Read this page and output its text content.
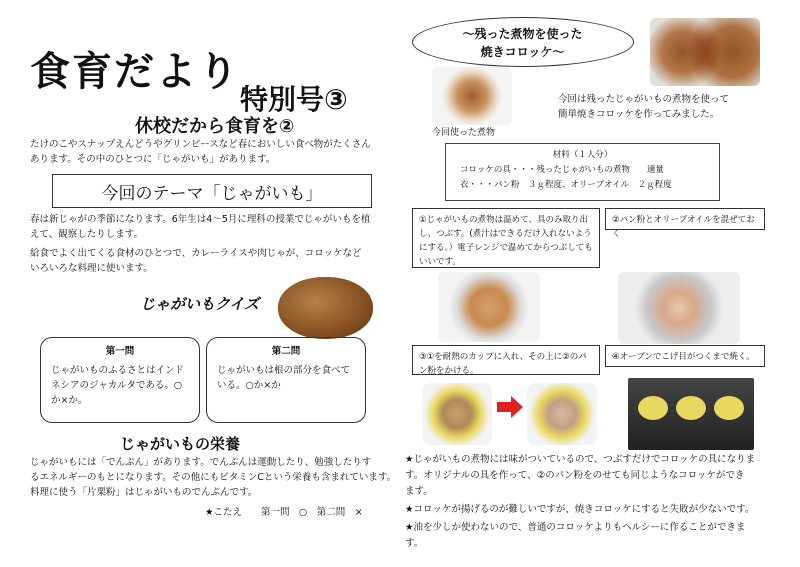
食育だより
特別号③
休校だから食育を②
たけのこやスナップえんどうやグリンピースなど春においしい食べ物がたくさん
あります。その中のひとつに「じゃがいも」があります。
今回のテーマ「じゃがいも」
春は新じゃがの季節になります。6年生は4～5月に理科の授業でじゃがいもを植
えて、観察したりします。
給食でよく出てくる食材のひとつで、カレーライスや肉じゃが、コロッケなど
いろいろな料理に使います。
じゃがいもクイズ
第一問
じゃがいものふるさとはインドネシアのジャカルタである。○か×か。
第二問
じゃがいもは根の部分を食べている。○か×か
じゃがいもの栄養
じゃがいもには「でんぷん」があります。でんぷんは運動したり、勉強したりす
るエネルギーのもとになります。その他にもビタミンCという栄養も含まれています。
料理に使う「片栗粉」はじゃがいものでんぷんです。
★こたえ　　第一問　○　第二問　×
～残った煮物を使った
焼きコロッケ～
今回使った煮物
今回は残ったじゃがいもの煮物を使って
簡単焼きコロッケを作ってみました。
材料（１人分）
コロッケの具・・・残ったじゃがいもの煮物　　適量
衣・・・パン粉　３ｇ程度、オリーブオイル　２ｇ程度
①じゃがいもの煮物は温めて、具のみ取り出し、つぶす。(煮汁はできるだけ入れないようにする。）電子レンジで温めてからつぶしてもいいです。
②パン粉とオリーブオイルを混ぜておく
③①を耐熱のカップに入れ、その上に②のパン粉をかける。
④オーブンでこげ目がつくまで焼く。
★じゃがいもの煮物には味がついているので、つぶすだけでコロッケの具になりま
す。オリジナルの具を作って、②のパン粉をのせても同じようなコロッケができ
ます。
★コロッケが揚げるのが難しいですが、焼きコロッケにすると失敗が少ないです。
★油を少しか使わないので、普通のコロッケよりもヘルシーに作ることができま
す。
